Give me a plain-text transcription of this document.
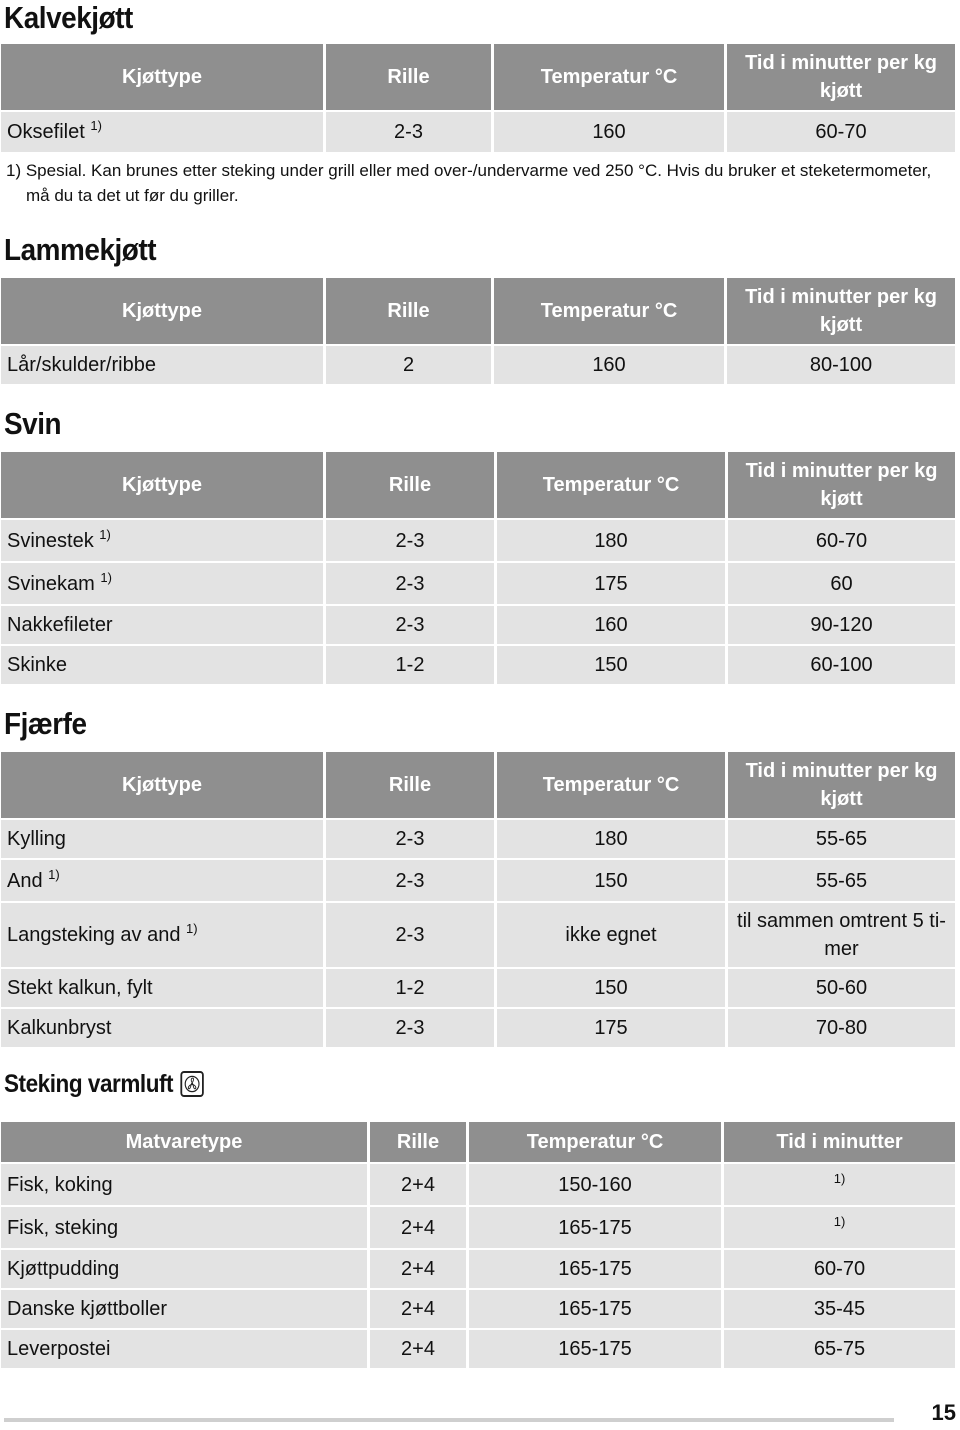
Kalvekjøtt
Kjøttype	Rille	Temperatur °C	Tid i minutter per kg kjøtt
Oksefilet $^{1)}$	2-3	160	60-70

1) Spesial. Kan brunes etter steking under grill eller med over-/undervarme ved 250 °C. Hvis du bruker et steketermometer,
må du ta det ut før du griller.

Lammekjøtt
Kjøttype	Rille	Temperatur °C	Tid i minutter per kg kjøtt
Lår/skulder/ribbe	2	160	80-100
Svin
Kjøttype	Rille	Temperatur °C	Tid i minutter per kg kjøtt
Svinestek $^{1)}$	2-3	180	60-70
Svinekam $^{1)}$	2-3	175	60
Nakkefileter	2-3	160	90-120
Skinke	1-2	150	60-100
Fjærfe
Kjøttype	Rille	Temperatur °C	Tid i minutter per kg kjøtt
Kylling	2-3	180	55-65
And $^{1)}$	2-3	150	55-65
Langsteking av and $^{1)}$	2-3	ikke egnet	til sammen omtrent 5 ti-mer
Stekt kalkun, fylt	1-2	150	50-60
Kalkunbryst	2-3	175	70-80
Steking varmluft
Matvaretype	Rille	Temperatur °C	Tid i minutter
Fisk, koking	2+4	150-160	$^{1)}$
Fisk, steking	2+4	165-175	$^{1)}$
Kjøttpudding	2+4	165-175	60-70
Danske kjøttboller	2+4	165-175	35-45
Leverpostei	2+4	165-175	65-75
15
